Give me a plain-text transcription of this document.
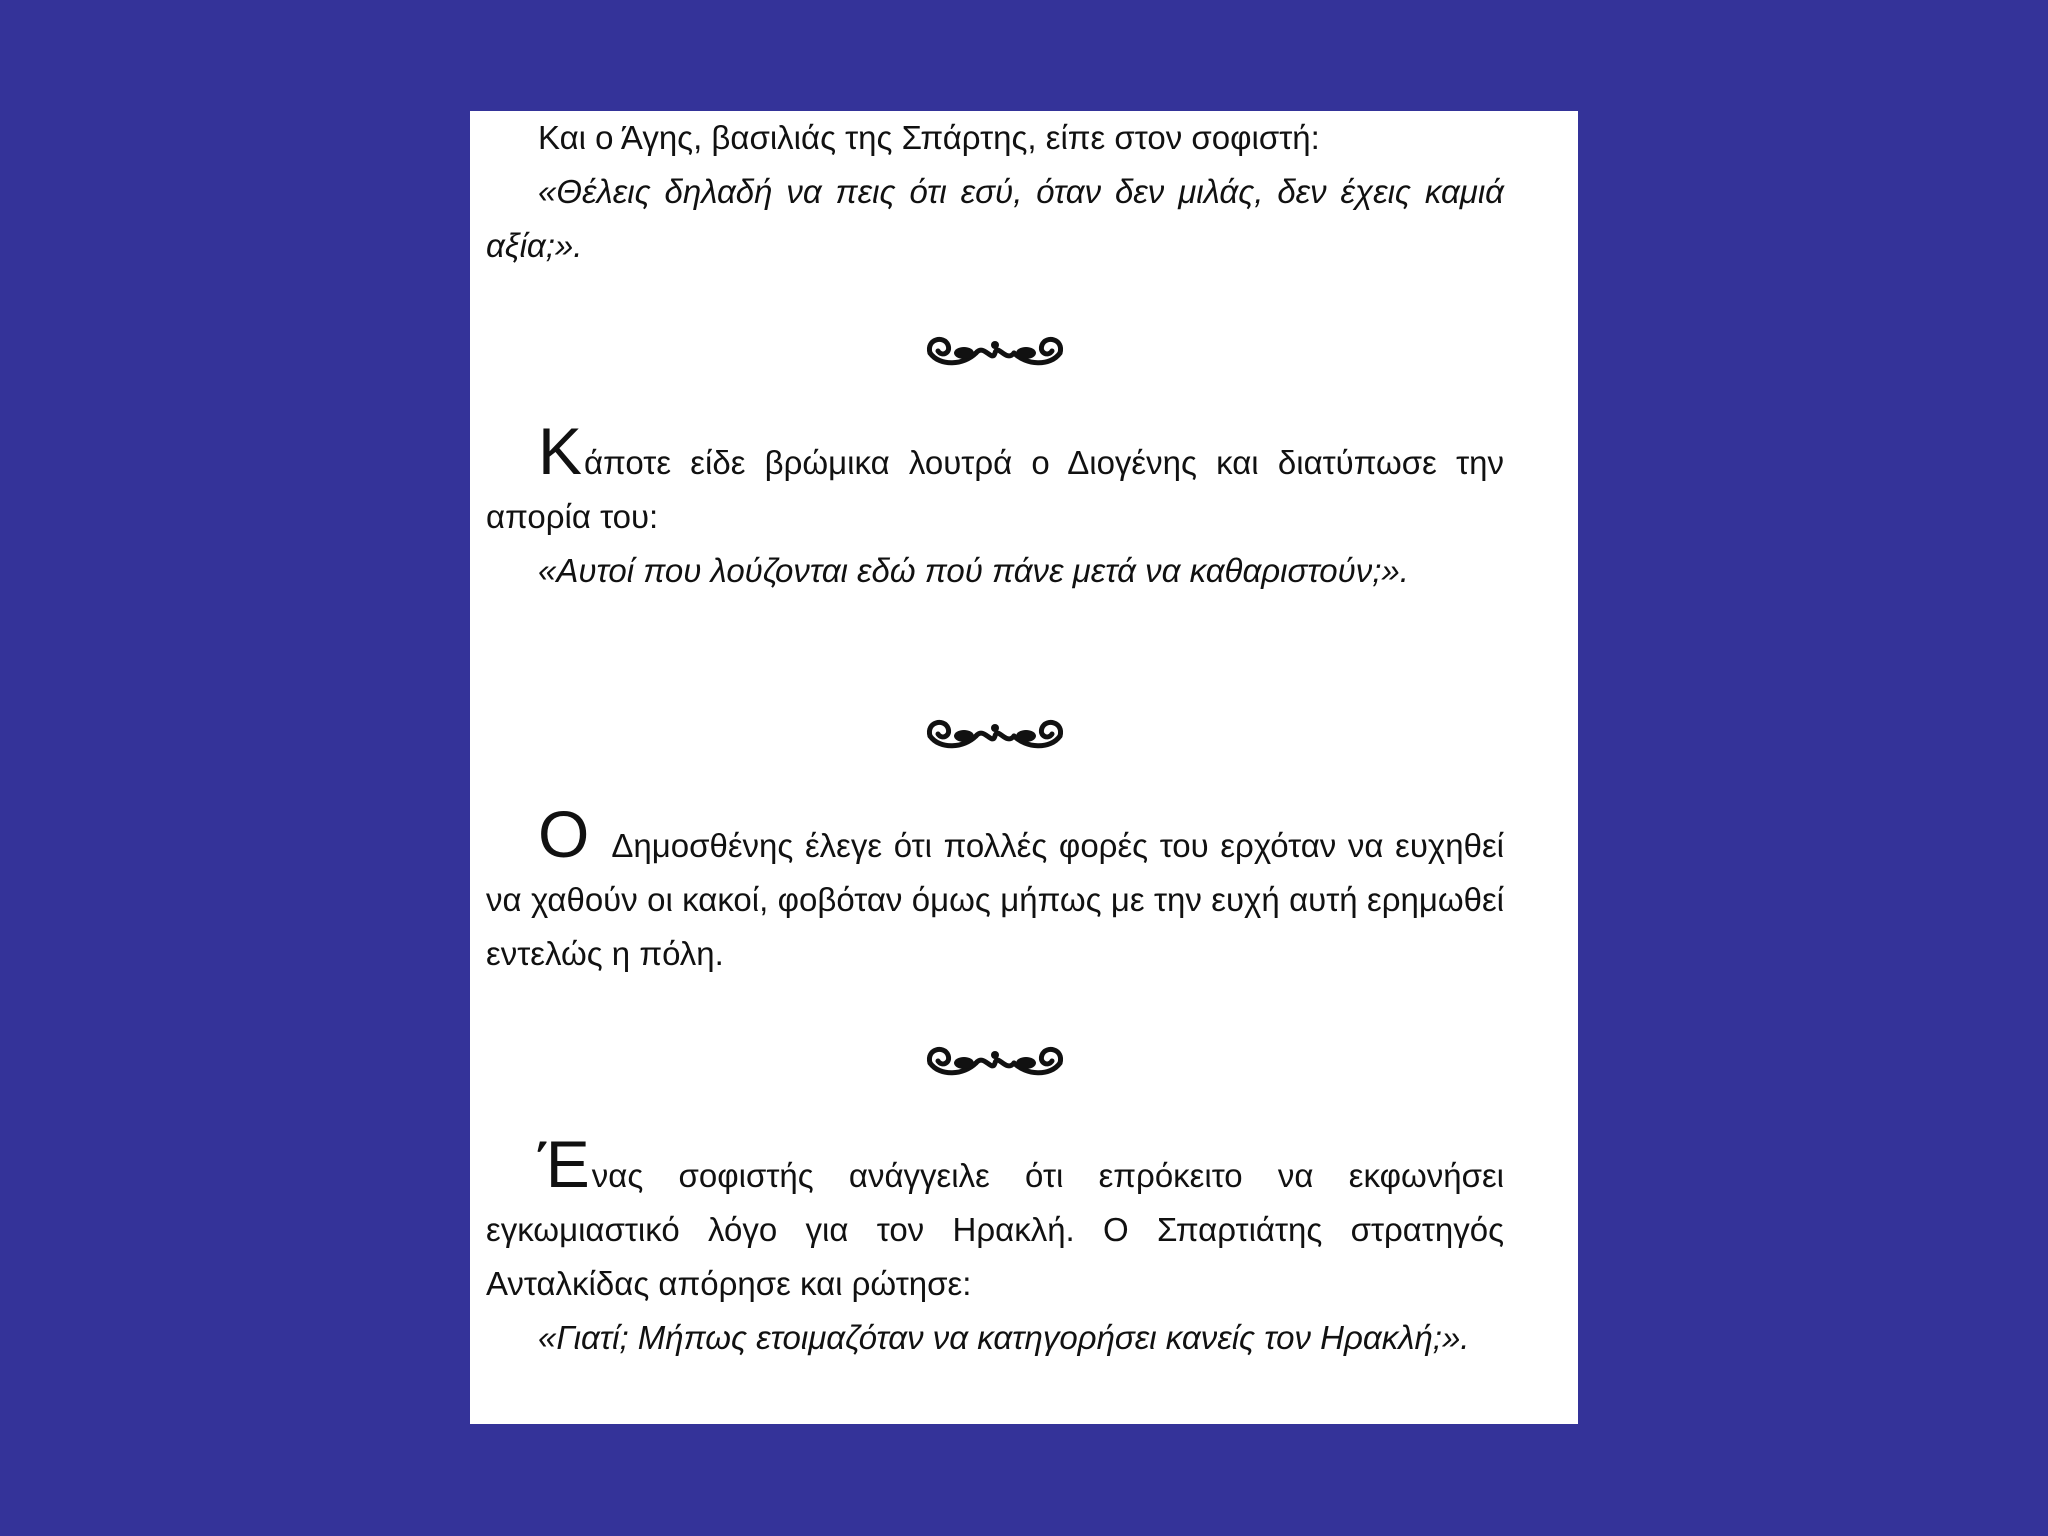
Και ο Άγης, βασιλιάς της Σπάρτης, είπε στον σοφιστή:

«Θέλεις δηλαδή να πεις ότι εσύ, όταν δεν μιλάς, δεν έχεις καμιά αξία;».

Κάποτε είδε βρώμικα λουτρά ο Διογένης και διατύπωσε την απορία του:

«Αυτοί που λούζονται εδώ πού πάνε μετά να καθαριστούν;».

Ο Δημοσθένης έλεγε ότι πολλές φορές του ερχόταν να ευχηθεί να χαθούν οι κακοί, φοβόταν όμως μήπως με την ευχή αυτή ερημωθεί εντελώς η πόλη.

Ένας σοφιστής ανάγγειλε ότι επρόκειτο να εκφωνήσει εγκωμιαστικό λόγο για τον Ηρακλή. Ο Σπαρτιάτης στρατηγός Ανταλκίδας απόρησε και ρώτησε:

«Γιατί; Μήπως ετοιμαζόταν να κατηγορήσει κανείς τον Ηρακλή;».
